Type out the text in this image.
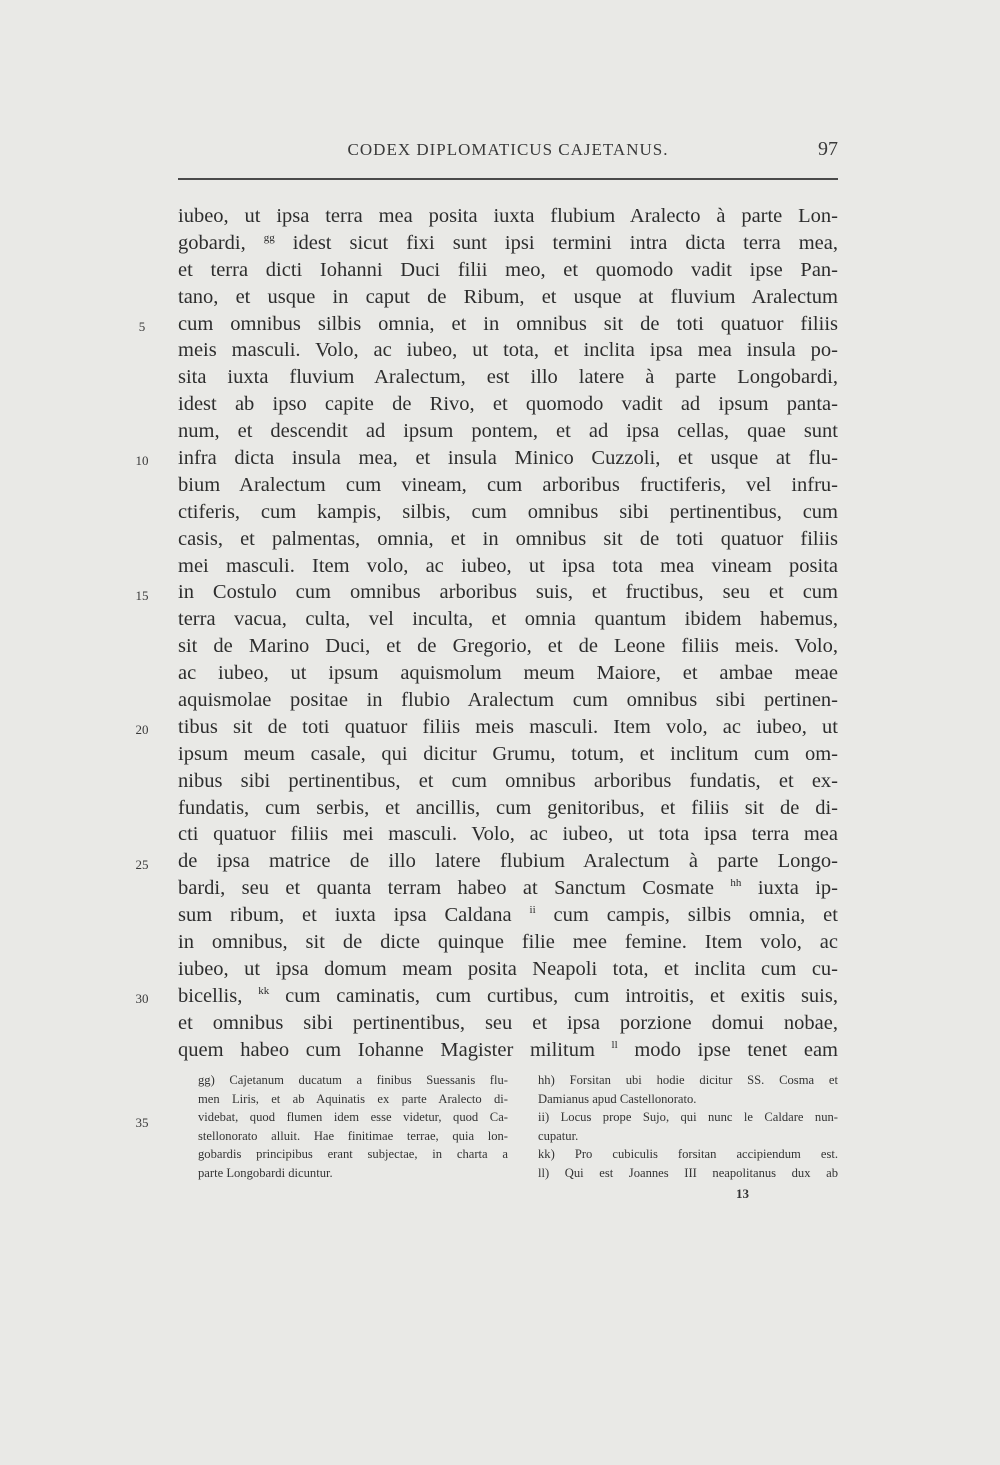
CODEX DIPLOMATICUS CAJETANUS.	97
iubeo, ut ipsa terra mea posita iuxta flubium Aralecto à parte Lon-
gobardi, $^{gg}$ idest sicut fixi sunt ipsi termini intra dicta terra mea,
et terra dicti Iohanni Duci filii meo, et quomodo vadit ipse Pan-
tano, et usque in caput de Ribum, et usque at fluvium Aralectum
cum omnibus silbis omnia, et in omnibus sit de toti quatuor filiis
meis masculi. Volo, ac iubeo, ut tota, et inclita ipsa mea insula po-
sita iuxta fluvium Aralectum, est illo latere à parte Longobardi,
idest ab ipso capite de Rivo, et quomodo vadit ad ipsum panta-
num, et descendit ad ipsum pontem, et ad ipsa cellas, quae sunt
infra dicta insula mea, et insula Minico Cuzzoli, et usque at flu-
bium Aralectum cum vineam, cum arboribus fructiferis, vel infru-
ctiferis, cum kampis, silbis, cum omnibus sibi pertinentibus, cum
casis, et palmentas, omnia, et in omnibus sit de toti quatuor filiis
mei masculi. Item volo, ac iubeo, ut ipsa tota mea vineam posita
in Costulo cum omnibus arboribus suis, et fructibus, seu et cum
terra vacua, culta, vel inculta, et omnia quantum ibidem habemus,
sit de Marino Duci, et de Gregorio, et de Leone filiis meis. Volo,
ac iubeo, ut ipsum aquismolum meum Maiore, et ambae meae
aquismolae positae in flubio Aralectum cum omnibus sibi pertinen-
tibus sit de toti quatuor filiis meis masculi. Item volo, ac iubeo, ut
ipsum meum casale, qui dicitur Grumu, totum, et inclitum cum om-
nibus sibi pertinentibus, et cum omnibus arboribus fundatis, et ex-
fundatis, cum serbis, et ancillis, cum genitoribus, et filiis sit de di-
cti quatuor filiis mei masculi. Volo, ac iubeo, ut tota ipsa terra mea
de ipsa matrice de illo latere flubium Aralectum à parte Longo-
bardi, seu et quanta terram habeo at Sanctum Cosmate $^{hh}$ iuxta ip-
sum ribum, et iuxta ipsa Caldana $^{ii}$ cum campis, silbis omnia, et
in omnibus, sit de dicte quinque filie mee femine. Item volo, ac
iubeo, ut ipsa domum meam posita Neapoli tota, et inclita cum cu-
bicellis, $^{kk}$ cum caminatis, cum curtibus, cum introitis, et exitis suis,
et omnibus sibi pertinentibus, seu et ipsa porzione domui nobae,
quem habeo cum Iohanne Magister militum $^{ll}$ modo ipse tenet eam
5
10
15
20
25
30
gg) Cajetanum ducatum a finibus Suessanis flu-
men Liris, et ab Aquinatis ex parte Aralecto di-
videbat, quod flumen idem esse videtur, quod Ca-
stellonorato alluit. Hae finitimae terrae, quia lon-
gobardis principibus erant subjectae, in charta a
parte Longobardi dicuntur.
hh) Forsitan ubi hodie dicitur SS. Cosma et
Damianus apud Castellonorato.
ii) Locus prope Sujo, qui nunc le Caldare nun-
cupatur.
kk) Pro cubiculis forsitan accipiendum est.
ll) Qui est Joannes III neapolitanus dux ab
35
13
